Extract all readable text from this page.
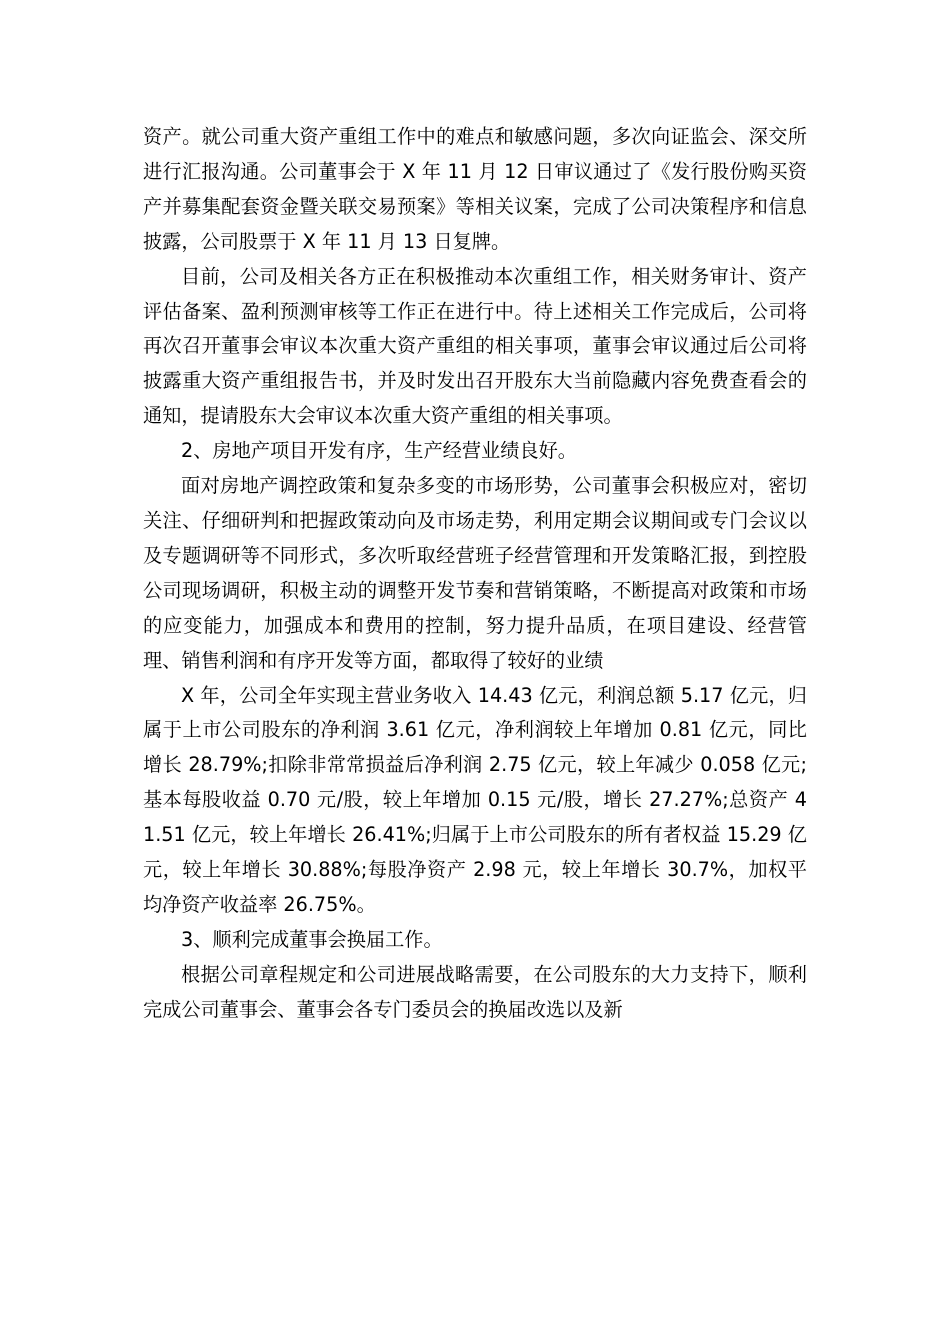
资产。就公司重大资产重组工作中的难点和敏感问题，多次向证监会、深交所进行汇报沟通。公司董事会于 X 年 11 月 12 日审议通过了《发行股份购买资产并募集配套资金暨关联交易预案》等相关议案，完成了公司决策程序和信息披露，公司股票于 X 年 11 月 13 日复牌。

目前，公司及相关各方正在积极推动本次重组工作，相关财务审计、资产评估备案、盈利预测审核等工作正在进行中。待上述相关工作完成后，公司将再次召开董事会审议本次重大资产重组的相关事项，董事会审议通过后公司将披露重大资产重组报告书，并及时发出召开股东大当前隐藏内容免费查看会的通知，提请股东大会审议本次重大资产重组的相关事项。

2、房地产项目开发有序，生产经营业绩良好。

面对房地产调控政策和复杂多变的市场形势，公司董事会积极应对，密切关注、仔细研判和把握政策动向及市场走势，利用定期会议期间或专门会议以及专题调研等不同形式，多次听取经营班子经营管理和开发策略汇报，到控股公司现场调研，积极主动的调整开发节奏和营销策略，不断提高对政策和市场的应变能力，加强成本和费用的控制，努力提升品质，在项目建设、经营管理、销售利润和有序开发等方面，都取得了较好的业绩

X 年，公司全年实现主营业务收入 14.43 亿元，利润总额 5.17 亿元，归属于上市公司股东的净利润 3.61 亿元，净利润较上年增加 0.81 亿元，同比增长 28.79%;扣除非常常损益后净利润 2.75 亿元，较上年减少 0.058 亿元;基本每股收益 0.70 元/股，较上年增加 0.15 元/股，增长 27.27%;总资产 41.51 亿元，较上年增长 26.41%;归属于上市公司股东的所有者权益 15.29 亿元，较上年增长 30.88%;每股净资产 2.98 元，较上年增长 30.7%，加权平均净资产收益率 26.75%。

3、顺利完成董事会换届工作。

根据公司章程规定和公司进展战略需要，在公司股东的大力支持下，顺利完成公司董事会、董事会各专门委员会的换届改选以及新
